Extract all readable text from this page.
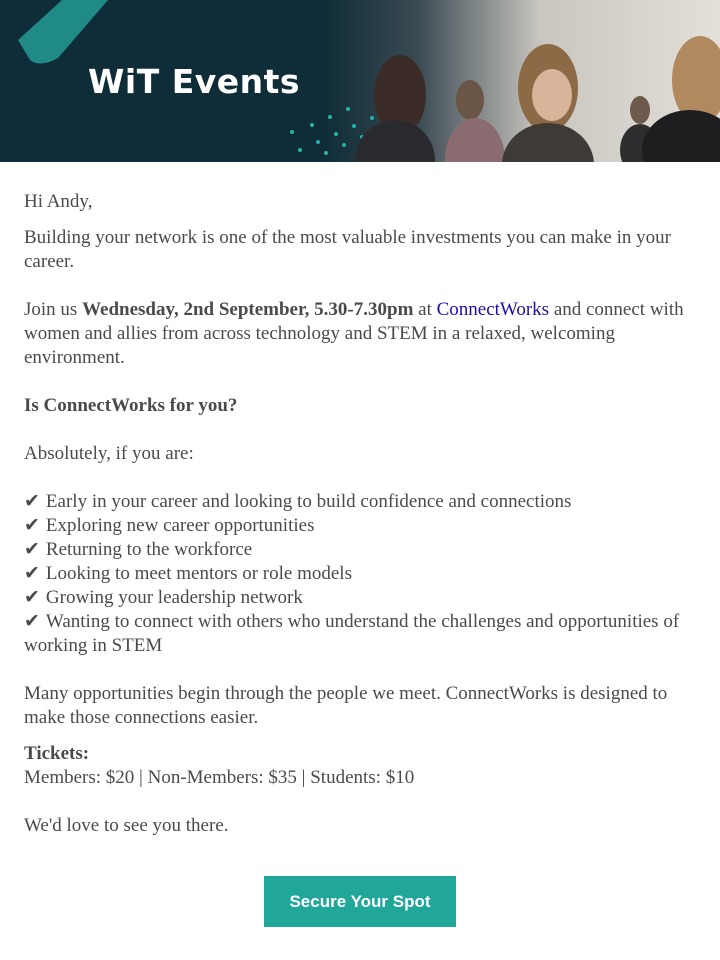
WiT Events

Hi Andy,

Building your network is one of the most valuable investments you can make in your career.

Join us Wednesday, 2nd September, 5.30-7.30pm at ConnectWorks and connect with women and allies from across technology and STEM in a relaxed, welcoming environment.

Is ConnectWorks for you?

Absolutely, if you are:

✔ Early in your career and looking to build confidence and connections
✔ Exploring new career opportunities
✔ Returning to the workforce
✔ Looking to meet mentors or role models
✔ Growing your leadership network
✔ Wanting to connect with others who understand the challenges and opportunities of working in STEM

Many opportunities begin through the people we meet. ConnectWorks is designed to make those connections easier.

Tickets:

Members: $20 | Non-Members: $35 | Students: $10

We'd love to see you there.

Secure Your Spot
